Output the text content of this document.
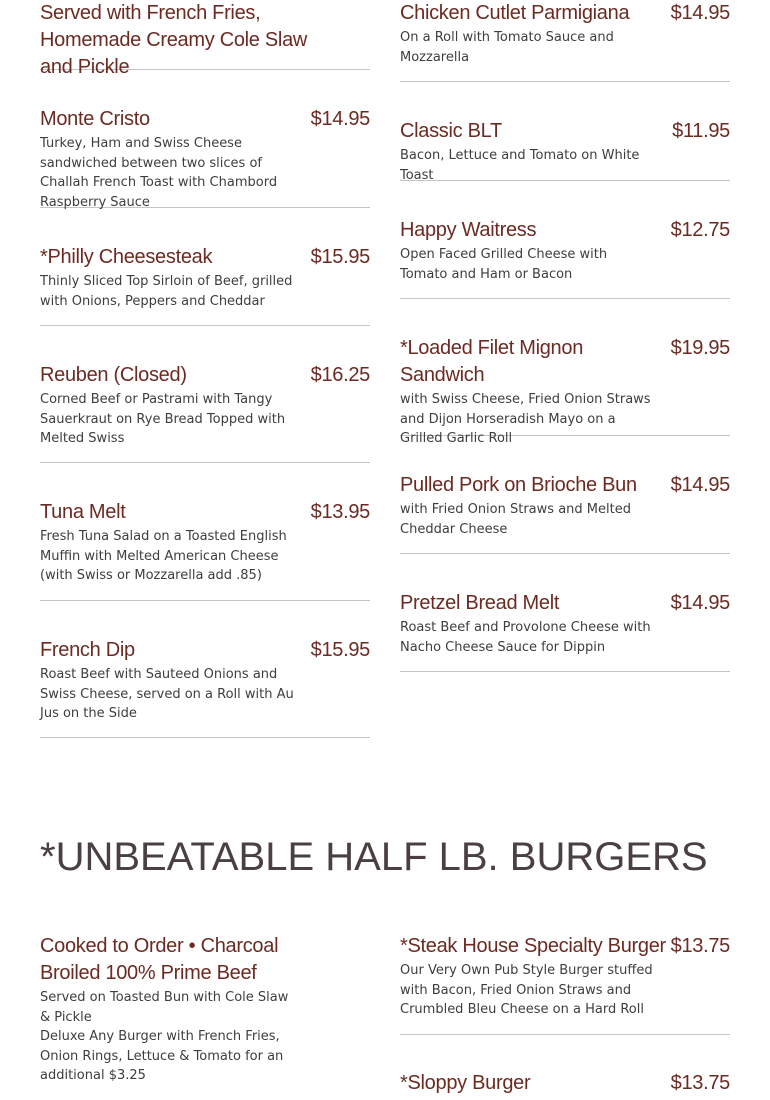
Served with French Fries, Homemade Creamy Cole Slaw and Pickle
Monte Cristo	$14.95

Turkey, Ham and Swiss Cheese sandwiched between two slices of Challah French Toast with Chambord Raspberry Sauce

*Philly Cheesesteak	$15.95

Thinly Sliced Top Sirloin of Beef, grilled with Onions, Peppers and Cheddar

Reuben (Closed)	$16.25

Corned Beef or Pastrami with Tangy Sauerkraut on Rye Bread Topped with Melted Swiss

Tuna Melt	$13.95

Fresh Tuna Salad on a Toasted English Muffin with Melted American Cheese (with Swiss or Mozzarella add .85)

French Dip	$15.95

Roast Beef with Sauteed Onions and Swiss Cheese, served on a Roll with Au Jus on the Side

Chicken Cutlet Parmigiana	$14.95

On a Roll with Tomato Sauce and Mozzarella

Classic BLT	$11.95

Bacon, Lettuce and Tomato on White Toast

Happy Waitress	$12.75

Open Faced Grilled Cheese with Tomato and Ham or Bacon

*Loaded Filet Mignon Sandwich
$19.95

with Swiss Cheese, Fried Onion Straws and Dijon Horseradish Mayo on a Grilled Garlic Roll

Pulled Pork on Brioche Bun	$14.95

with Fried Onion Straws and Melted Cheddar Cheese

Pretzel Bread Melt	$14.95

Roast Beef and Provolone Cheese with Nacho Cheese Sauce for Dippin

*UNBEATABLE HALF LB. BURGERS
Cooked to Order • Charcoal Broiled 100% Prime Beef

Served on Toasted Bun with Cole Slaw & Pickle

Deluxe Any Burger with French Fries, Onion Rings, Lettuce & Tomato for an additional $3.25

*Steak House Specialty Burger $13.75

Our Very Own Pub Style Burger stuffed with Bacon, Fried Onion Straws and Crumbled Bleu Cheese on a Hard Roll

*Sloppy Burger	$13.75
